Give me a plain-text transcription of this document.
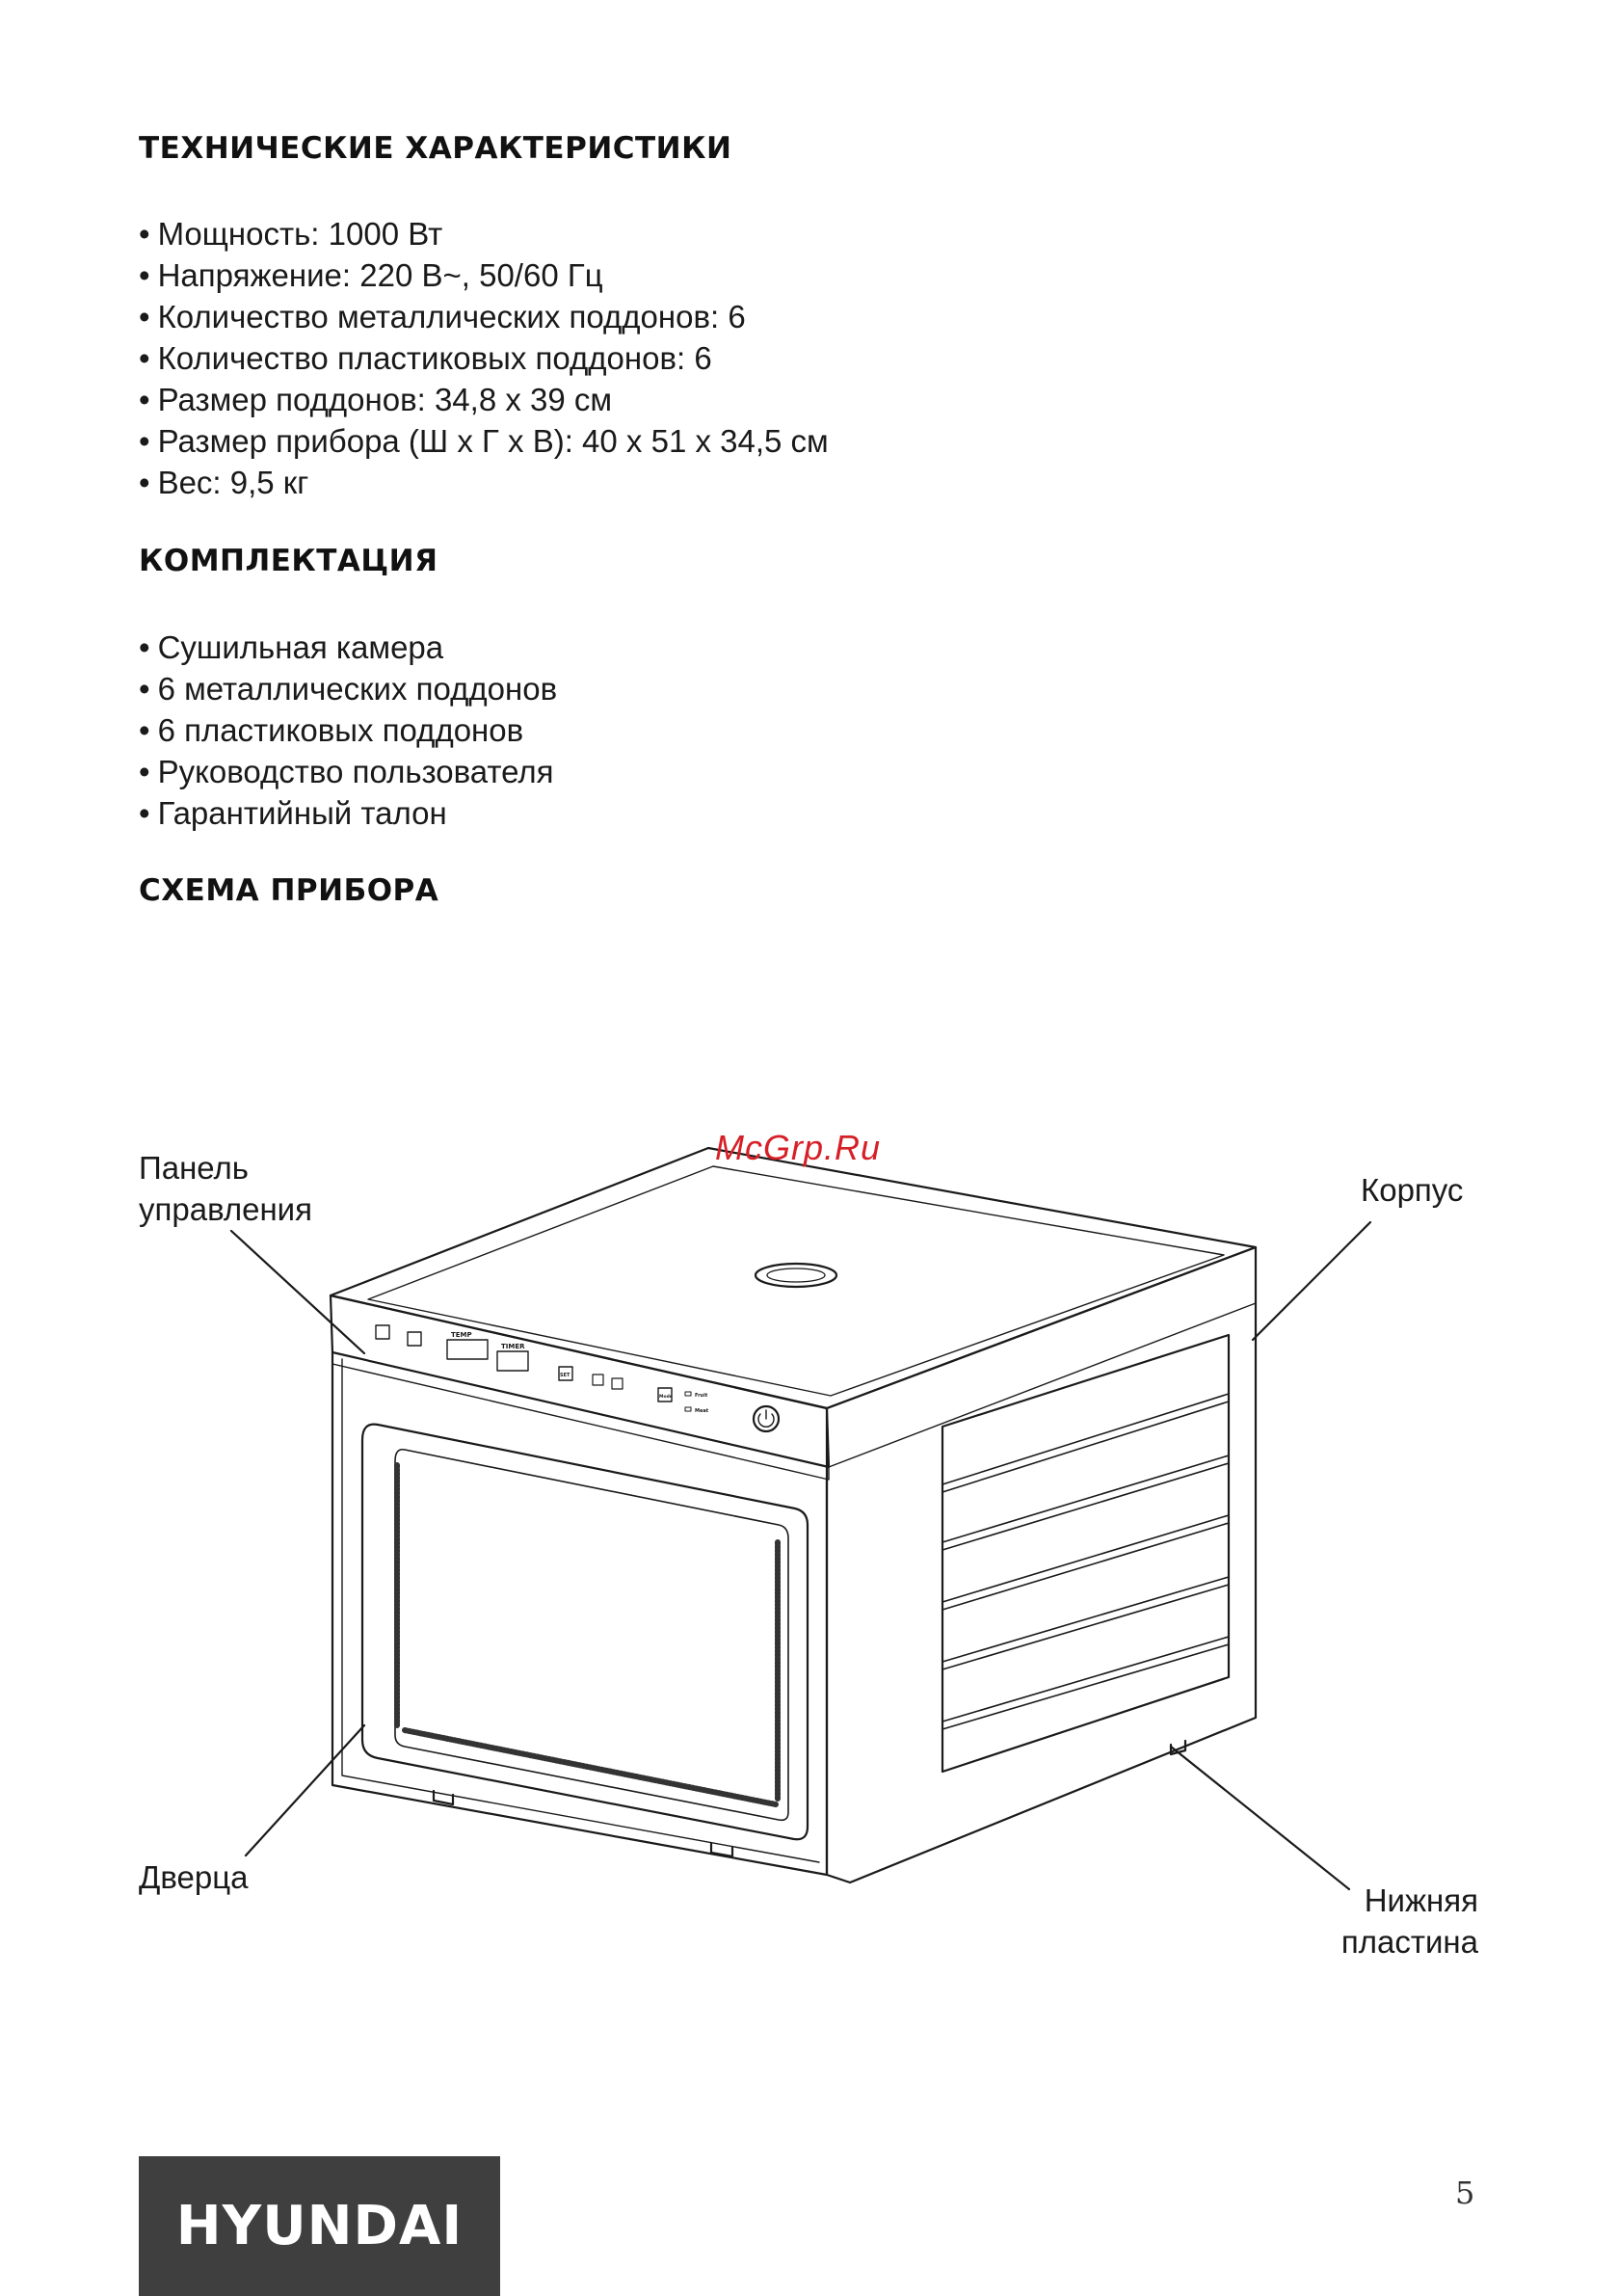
ТЕХНИЧЕСКИЕ ХАРАКТЕРИСТИКИ
• Мощность: 1000 Вт
• Напряжение: 220 В~, 50/60 Гц
• Количество металлических поддонов: 6
• Количество пластиковых поддонов: 6
• Размер поддонов: 34,8 х 39 см
• Размер прибора (Ш х Г х В): 40 х 51 х 34,5 см
• Вес: 9,5 кг
КОМПЛЕКТАЦИЯ
• Сушильная камера
• 6 металлических поддонов
• 6 пластиковых поддонов
• Руководство пользователя
• Гарантийный талон
СХЕМА ПРИБОРА
TEMP
TIMER
SET
Mode	Fruit
Meat
Панель
управления
Корпус
Дверца
Нижняя
пластина
McGrp.Ru
HYUNDAI
5
